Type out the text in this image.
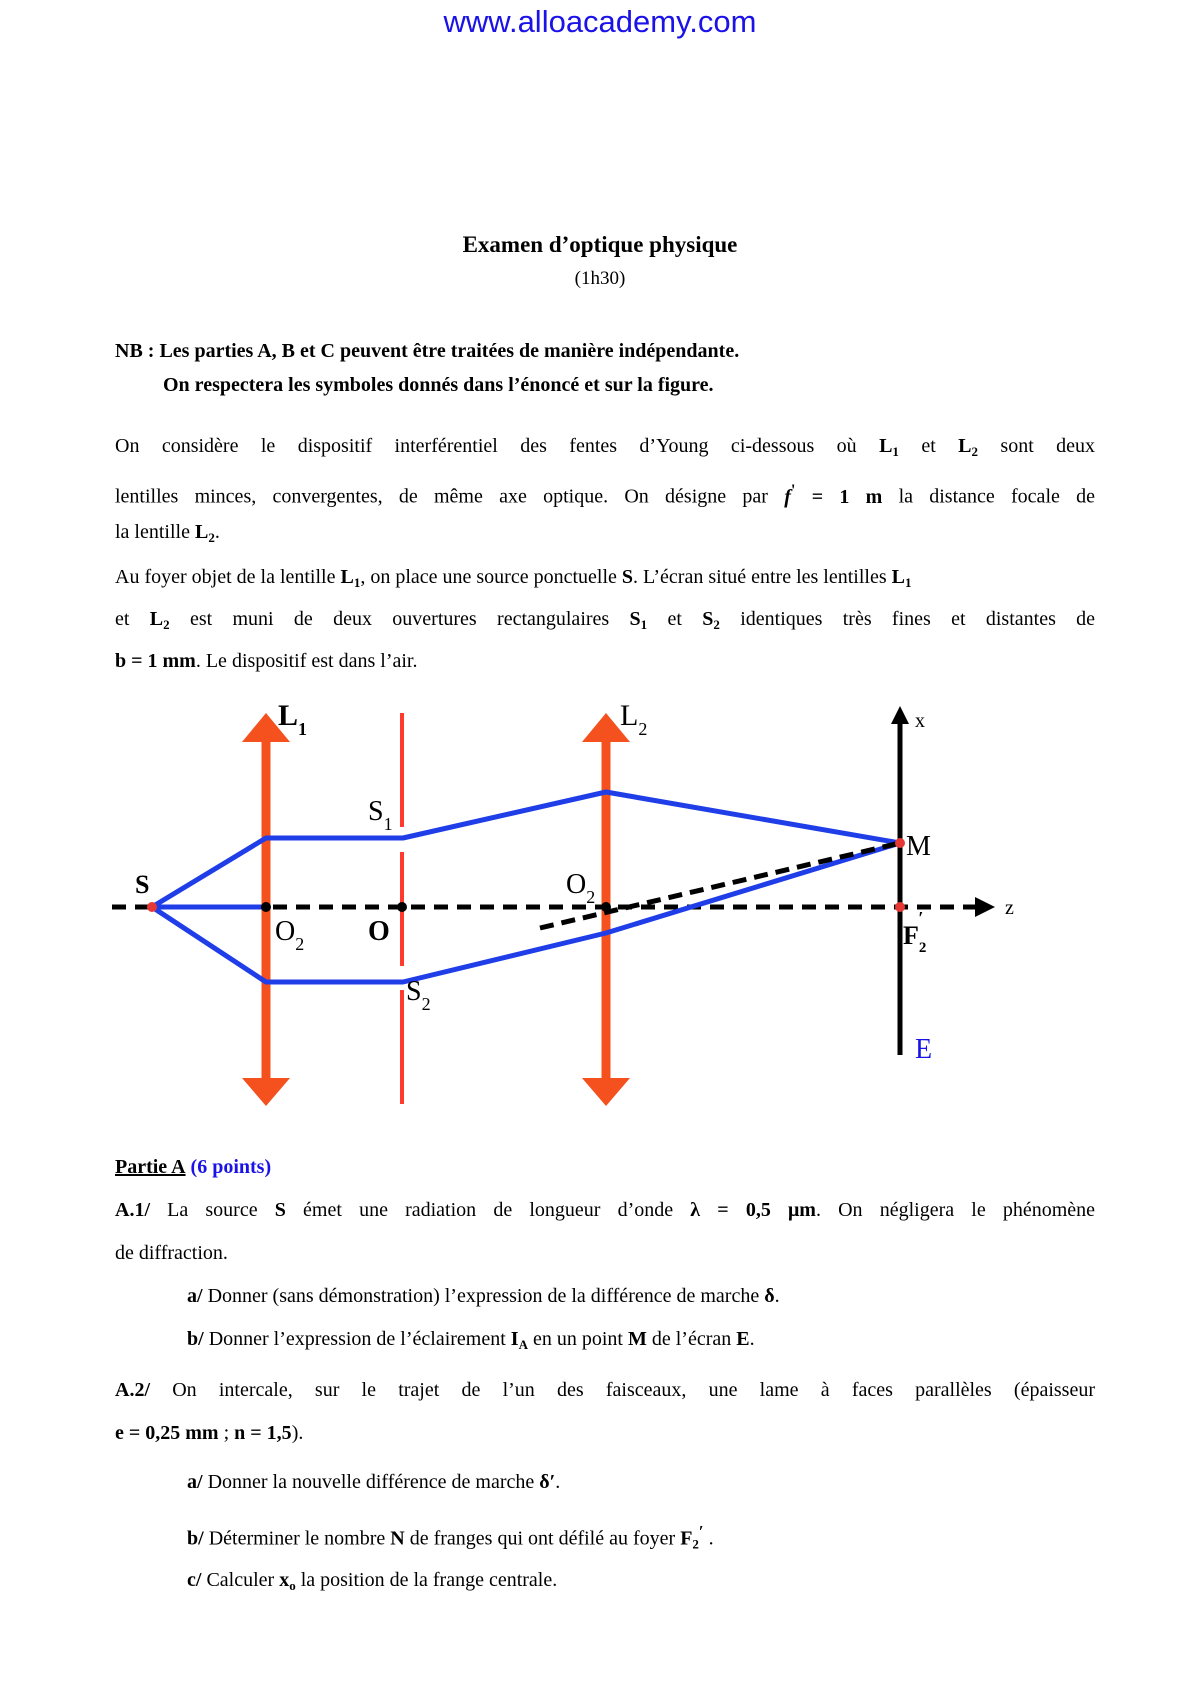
www.alloacademy.com
Examen d’optique physique
(1h30)
NB : Les parties A, B et C peuvent être traitées de manière indépendante.
On respectera les symboles donnés dans l’énoncé et sur la figure.
On considère le dispositif interférentiel des fentes d’Young ci-dessous où $L_1$ et $L_2$ sont deux
lentilles minces, convergentes, de même axe optique. On désigne par f' = 1 m la distance focale de
la lentille $L_2$.
Au foyer objet de la lentille $L_1$, on place une source ponctuelle S. L’écran situé entre les lentilles $L_1$
et $L_2$ est muni de deux ouvertures rectangulaires $S_1$ et $S_2$ identiques très fines et distantes de
b = 1 mm. Le dispositif est dans l’air.
$L_1$	$L_2$
S
$S_1$
$S_2$
$O_2$ O
$O_2$
M
$F_2'$
x
z
E
Partie A (6 points)
A.1/ La source S émet une radiation de longueur d’onde λ = 0,5 μm. On négligera le phénomène
de diffraction.
a/ Donner (sans démonstration) l’expression de la différence de marche δ.
b/ Donner l’expression de l’éclairement $I_A$ en un point M de l’écran E.
A.2/ On intercale, sur le trajet de l’un des faisceaux, une lame à faces parallèles (épaisseur
e = 0,25 mm ; n = 1,5).
a/ Donner la nouvelle différence de marche δ′.
b/ Déterminer le nombre N de franges qui ont défilé au foyer $F_2'$ .
c/ Calculer $x_o$ la position de la frange centrale.
